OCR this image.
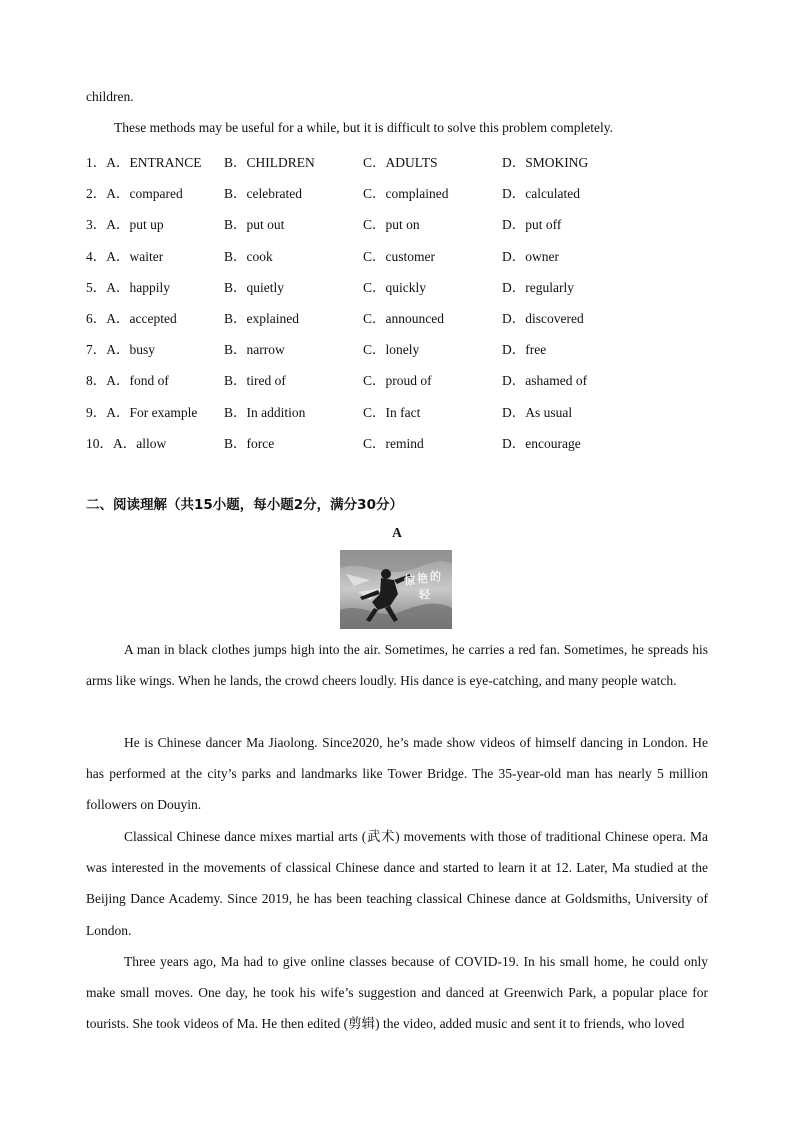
children.
These methods may be useful for a while, but it is difficult to solve this problem completely.
1．A．ENTRANCE B．CHILDREN	C．ADULTS	D．SMOKING
2．A．compared	B．celebrated	C．complained	D．calculated
3．A．put up	B．put out	C．put on	D．put off
4．A．waiter	B．cook	C．customer	D．owner
5．A．happily	B．quietly	C．quickly	D．regularly
6．A．accepted	B．explained	C．announced	D．discovered
7．A．busy	B．narrow	C．lonely	D．free
8．A．fond of	B．tired of	C．proud of	D．ashamed of
9．A．For example B．In addition	C．In fact	D．As usual
10．A．allow	B．force	C．remind	D．encourage
二、阅读理解（共15小题，每小题2分，满分30分）
A
惊 艳 的
轻
A man in black clothes jumps high into the air. Sometimes, he carries a red fan. Sometimes, he spreads his arms like wings. When he lands, the crowd cheers loudly. His dance is eye-catching, and many people watch.
He is Chinese dancer Ma Jiaolong. Since2020, he’s made show videos of himself dancing in London. He has performed at the city’s parks and landmarks like Tower Bridge. The 35-year-old man has nearly 5 million followers on Douyin.
Classical Chinese dance mixes martial arts (武术) movements with those of traditional Chinese opera. Ma was interested in the movements of classical Chinese dance and started to learn it at 12. Later, Ma studied at the Beijing Dance Academy. Since 2019, he has been teaching classical Chinese dance at Goldsmiths, University of London.
Three years ago, Ma had to give online classes because of COVID-19. In his small home, he could only make small moves. One day, he took his wife’s suggestion and danced at Greenwich Park, a popular place for tourists. She took videos of Ma. He then edited (剪辑) the video, added music and sent it to friends, who loved
